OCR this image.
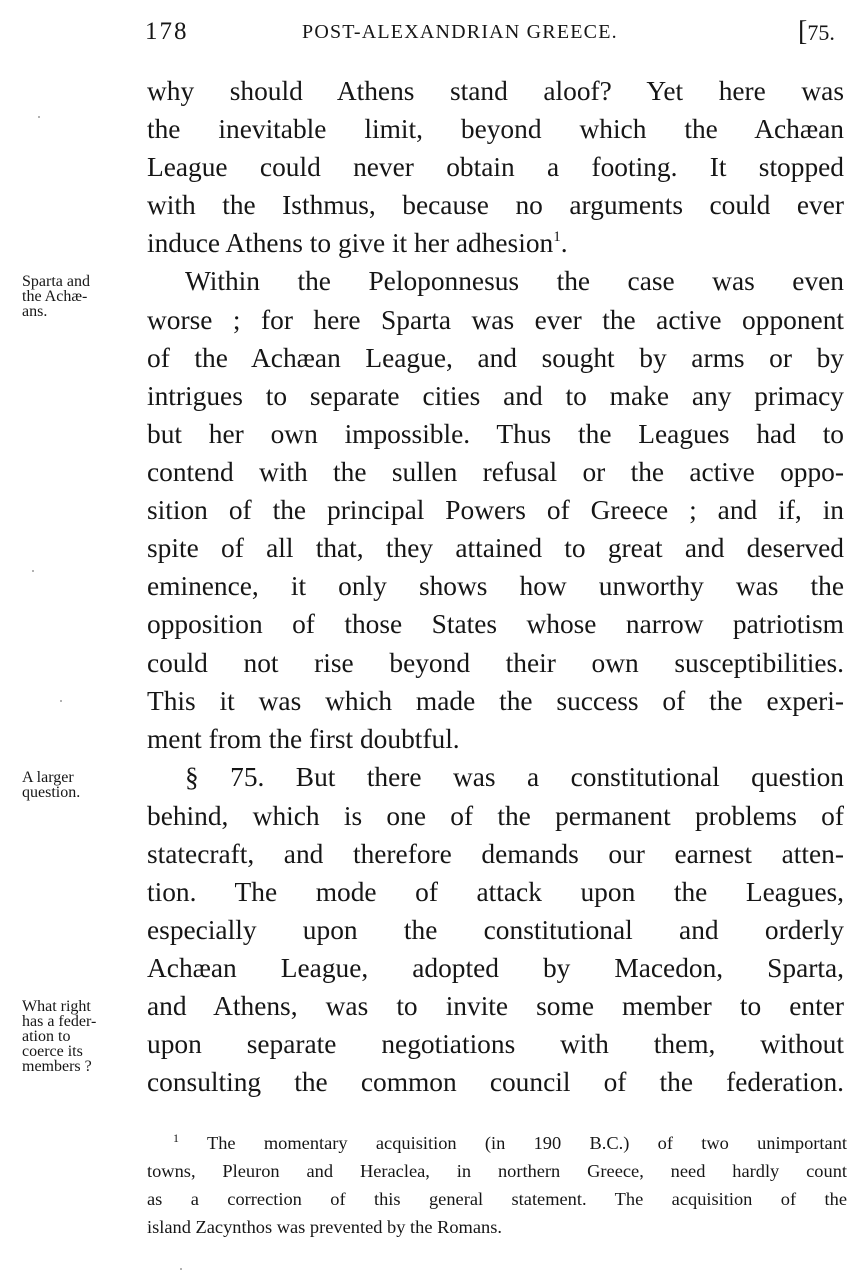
178	POST-ALEXANDRIAN GREECE.	[75.
why should Athens stand aloof? Yet here was
the inevitable limit, beyond which the Achæan
League could never obtain a footing. It stopped
with the Isthmus, because no arguments could ever
induce Athens to give it her adhesion$^1$.
Within the Peloponnesus the case was even
worse ; for here Sparta was ever the active opponent
of the Achæan League, and sought by arms or by
intrigues to separate cities and to make any primacy
but her own impossible. Thus the Leagues had to
contend with the sullen refusal or the active oppo-
sition of the principal Powers of Greece ; and if, in
spite of all that, they attained to great and deserved
eminence, it only shows how unworthy was the
opposition of those States whose narrow patriotism
could not rise beyond their own susceptibilities.
This it was which made the success of the experi-
ment from the first doubtful.
§ 75. But there was a constitutional question
behind, which is one of the permanent problems of
statecraft, and therefore demands our earnest atten-
tion. The mode of attack upon the Leagues,
especially upon the constitutional and orderly
Achæan League, adopted by Macedon, Sparta,
and Athens, was to invite some member to enter
upon separate negotiations with them, without
consulting the common council of the federation.
Sparta and
the Achæ-
ans.
A larger
question.
What right
has a feder-
ation to
coerce its
members ?
$^1$ The momentary acquisition (in 190 B.C.) of two unimportant
towns, Pleuron and Heraclea, in northern Greece, need hardly count
as a correction of this general statement. The acquisition of the
island Zacynthos was prevented by the Romans.
